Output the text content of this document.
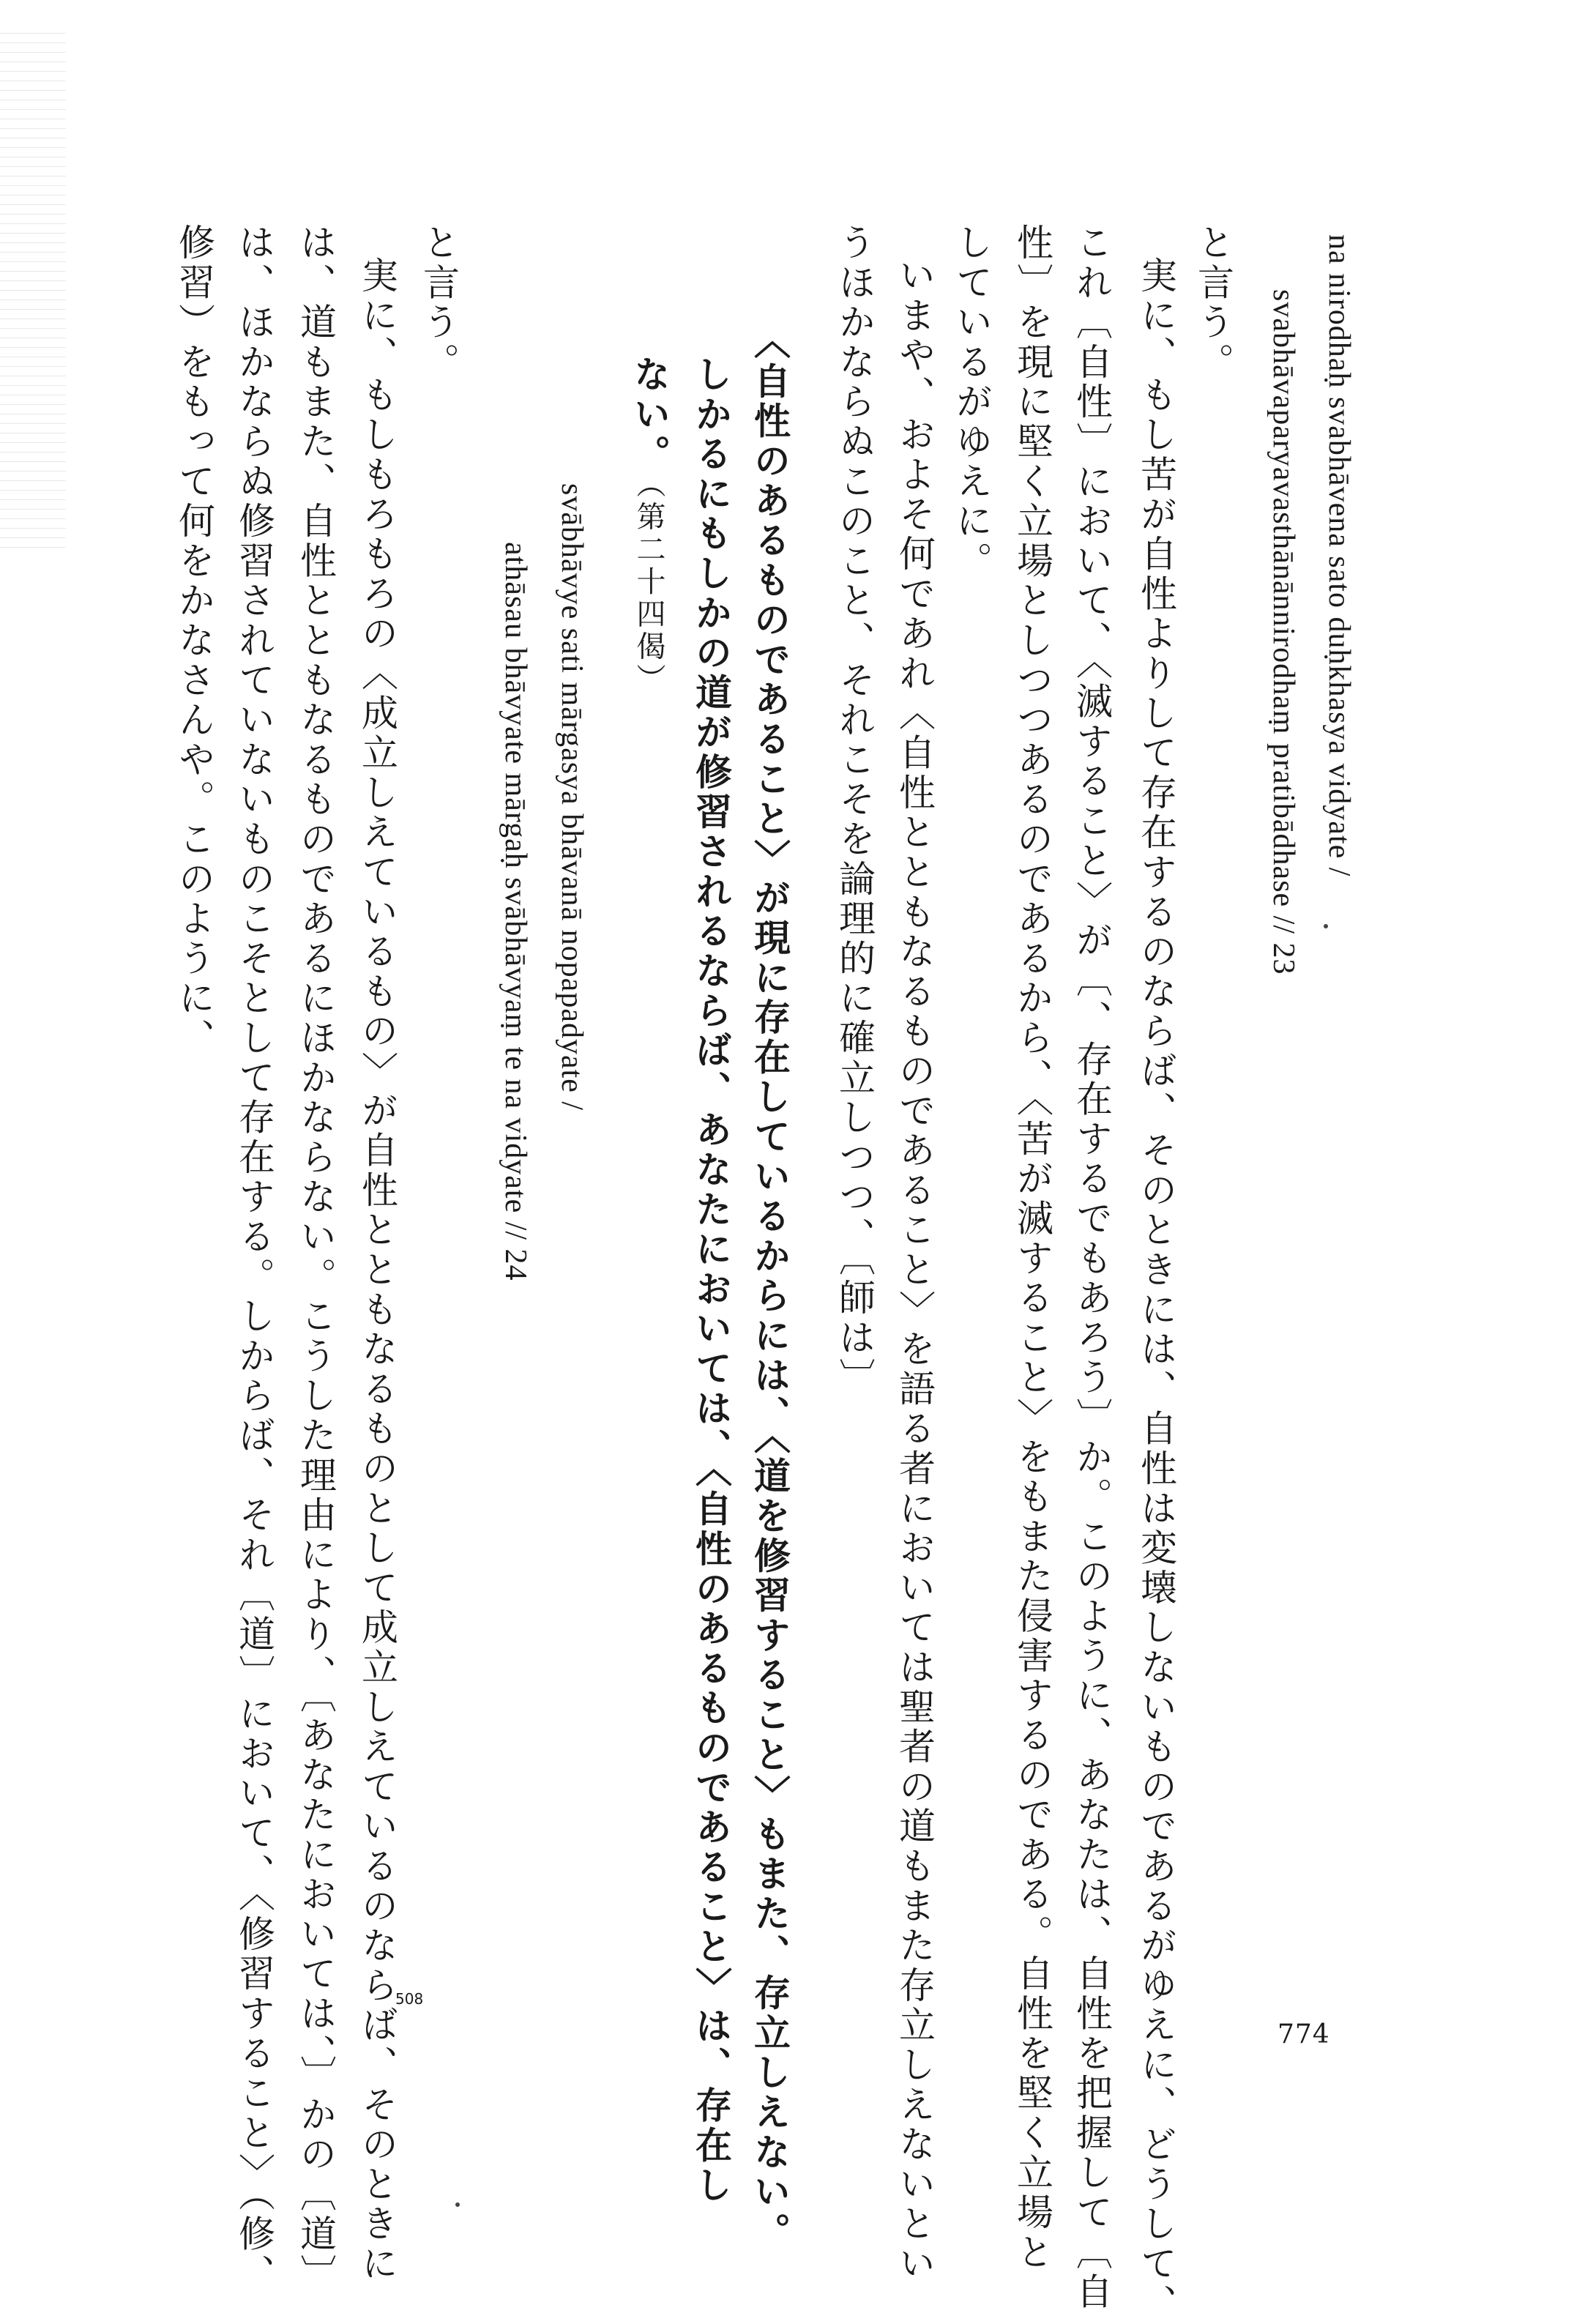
na nirodhaḥ svabhāvena sato duḥkhasya vidyate /
svabhāvaparyavasthānānnirodhaṃ pratibādhase // 23
と言う。
実に、もし苦が自性よりして存在するのならば、そのときには、自性は変壊しないものであるがゆえに、どうして、
これ〔自性〕において、〈滅すること〉が〔、存在するでもあろう〕か。このように、あなたは、自性を把握して〔自
性〕を現に堅く立場としつつあるのであるから、〈苦が滅すること〉をもまた侵害するのである。自性を堅く立場と
しているがゆえに。
いまや、およそ何であれ〈自性とともなるものであること〉を語る者においては聖者の道もまた存立しえないとい
うほかならぬこのこと、それこそを論理的に確立しつつ、〔師は〕
〈自性のあるものであること〉が現に存在しているからには、〈道を修習すること〉もまた、存立しえない。
しかるにもしかの道が修習されるならば、あなたにおいては、〈自性のあるものであること〉は、存在し
ない。
（第二十四偈）
svābhāvye sati mārgasya bhāvanā nopapadyate /
athāsau bhāvyate mārgaḥ svābhāvyaṃ te na vidyate // 24
と言う。
実に、もしもろもろの〈成立しえているもの〉が自性とともなるものとして成立しえているのならば、そのときに
は、道もまた、自性とともなるものであるにほかならない。こうした理由により、〔あなたにおいては、〕かの〔道〕
は、ほかならぬ修習されていないものこそとして存在する。しからば、それ〔道〕において、〈修習すること〉（修、
修習）をもって何をかなさんや。このように、
508
774
